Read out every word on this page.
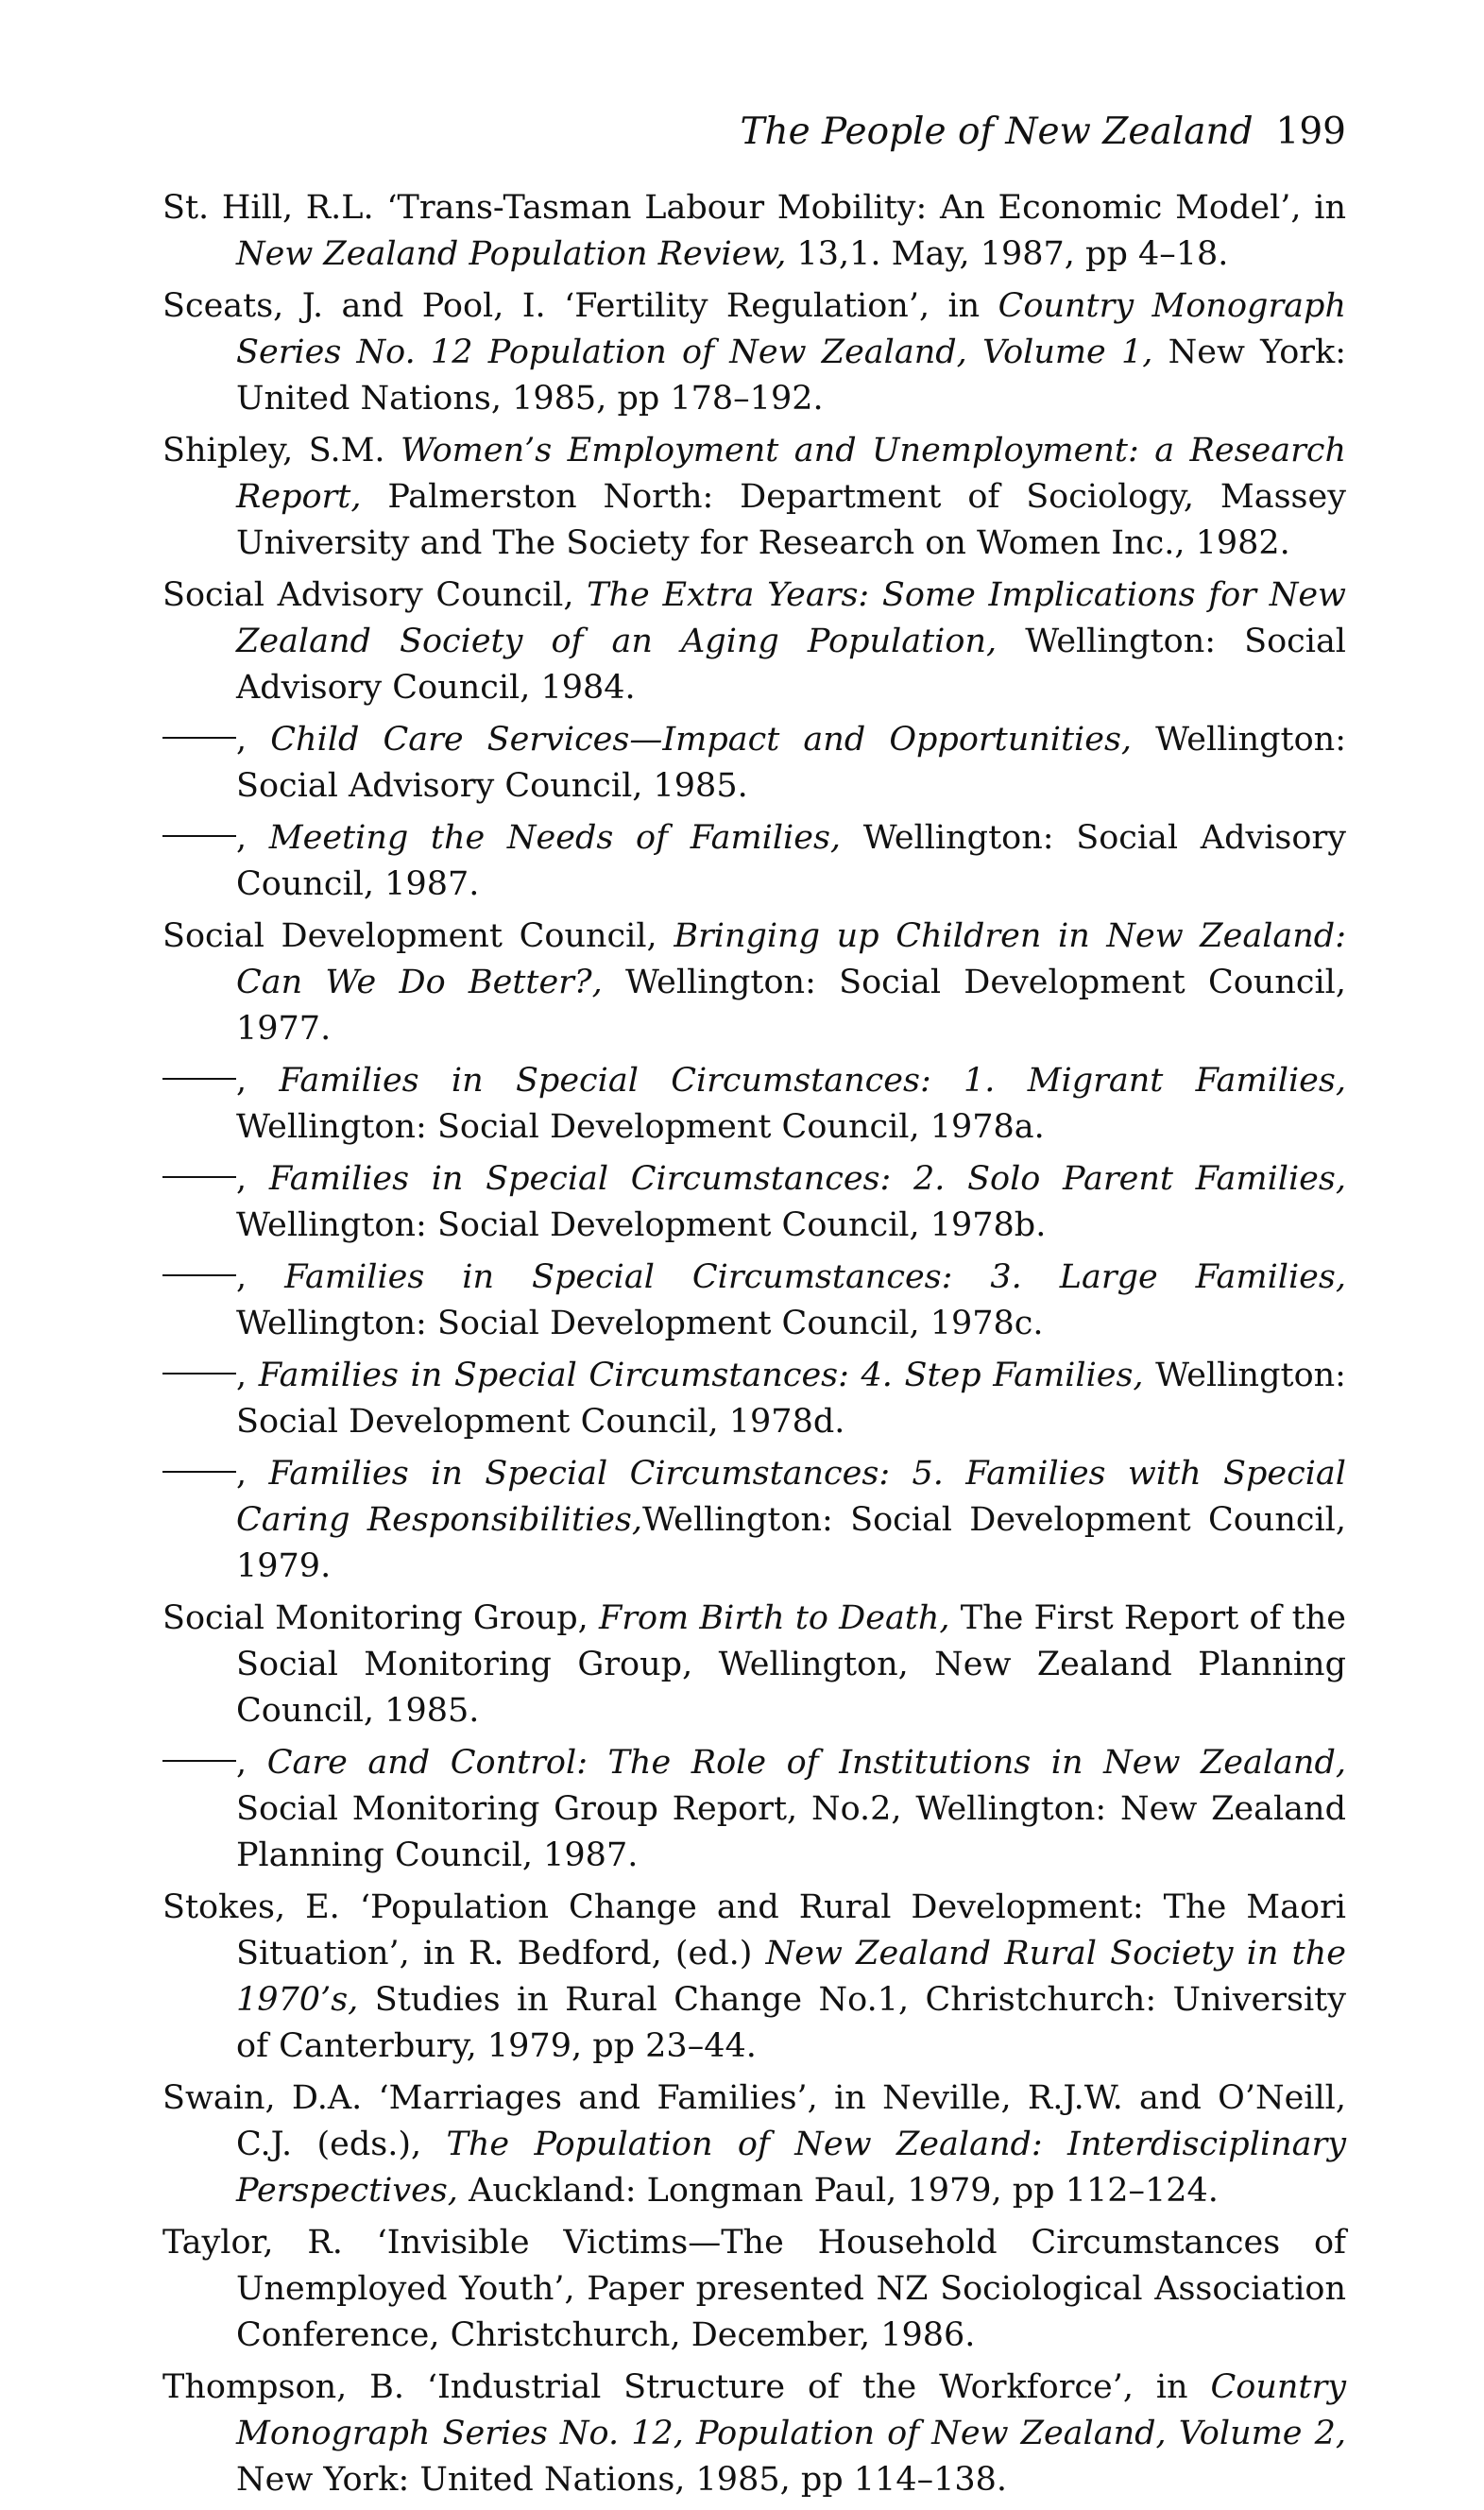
The People of New Zealand 199

St. Hill, R.L. ‘Trans-Tasman Labour Mobility: An Economic Model’, in New Zealand Population Review, 13,1. May, 1987, pp 4–18.

Sceats, J. and Pool, I. ‘Fertility Regulation’, in Country Monograph Series No. 12 Population of New Zealand, Volume 1, New York: United Nations, 1985, pp 178–192.

Shipley, S.M. Women’s Employment and Unemployment: a Research Report, Palmerston North: Department of Sociology, Massey University and The Society for Research on Women Inc., 1982.

Social Advisory Council, The Extra Years: Some Implications for New Zealand Society of an Aging Population, Wellington: Social Advisory Council, 1984.

, Child Care Services—Impact and Opportunities, Wellington: Social Advisory Council, 1985.

, Meeting the Needs of Families, Wellington: Social Advisory Council, 1987.

Social Development Council, Bringing up Children in New Zealand: Can We Do Better?, Wellington: Social Development Council, 1977.

, Families in Special Circumstances: 1. Migrant Families, Wellington: Social Development Council, 1978a.

, Families in Special Circumstances: 2. Solo Parent Families, Wellington: Social Development Council, 1978b.

, Families in Special Circumstances: 3. Large Families, Wellington: Social Development Council, 1978c.

, Families in Special Circumstances: 4. Step Families, Wellington: Social Development Council, 1978d.

, Families in Special Circumstances: 5. Families with Special Caring Responsibilities,Wellington: Social Development Council, 1979.

Social Monitoring Group, From Birth to Death, The First Report of the Social Monitoring Group, Wellington, New Zealand Planning Council, 1985.

, Care and Control: The Role of Institutions in New Zealand, Social Monitoring Group Report, No.2, Wellington: New Zealand Planning Council, 1987.

Stokes, E. ‘Population Change and Rural Development: The Maori Situation’, in R. Bedford, (ed.) New Zealand Rural Society in the 1970’s, Studies in Rural Change No.1, Christchurch: University of Canterbury, 1979, pp 23–44.

Swain, D.A. ‘Marriages and Families’, in Neville, R.J.W. and O’Neill, C.J. (eds.), The Population of New Zealand: Interdisciplinary Perspectives, Auckland: Longman Paul, 1979, pp 112–124.

Taylor, R. ‘Invisible Victims—The Household Circumstances of Unemployed Youth’, Paper presented NZ Sociological Association Conference, Christchurch, December, 1986.

Thompson, B. ‘Industrial Structure of the Workforce’, in Country Monograph Series No. 12, Population of New Zealand, Volume 2, New York: United Nations, 1985, pp 114–138.
